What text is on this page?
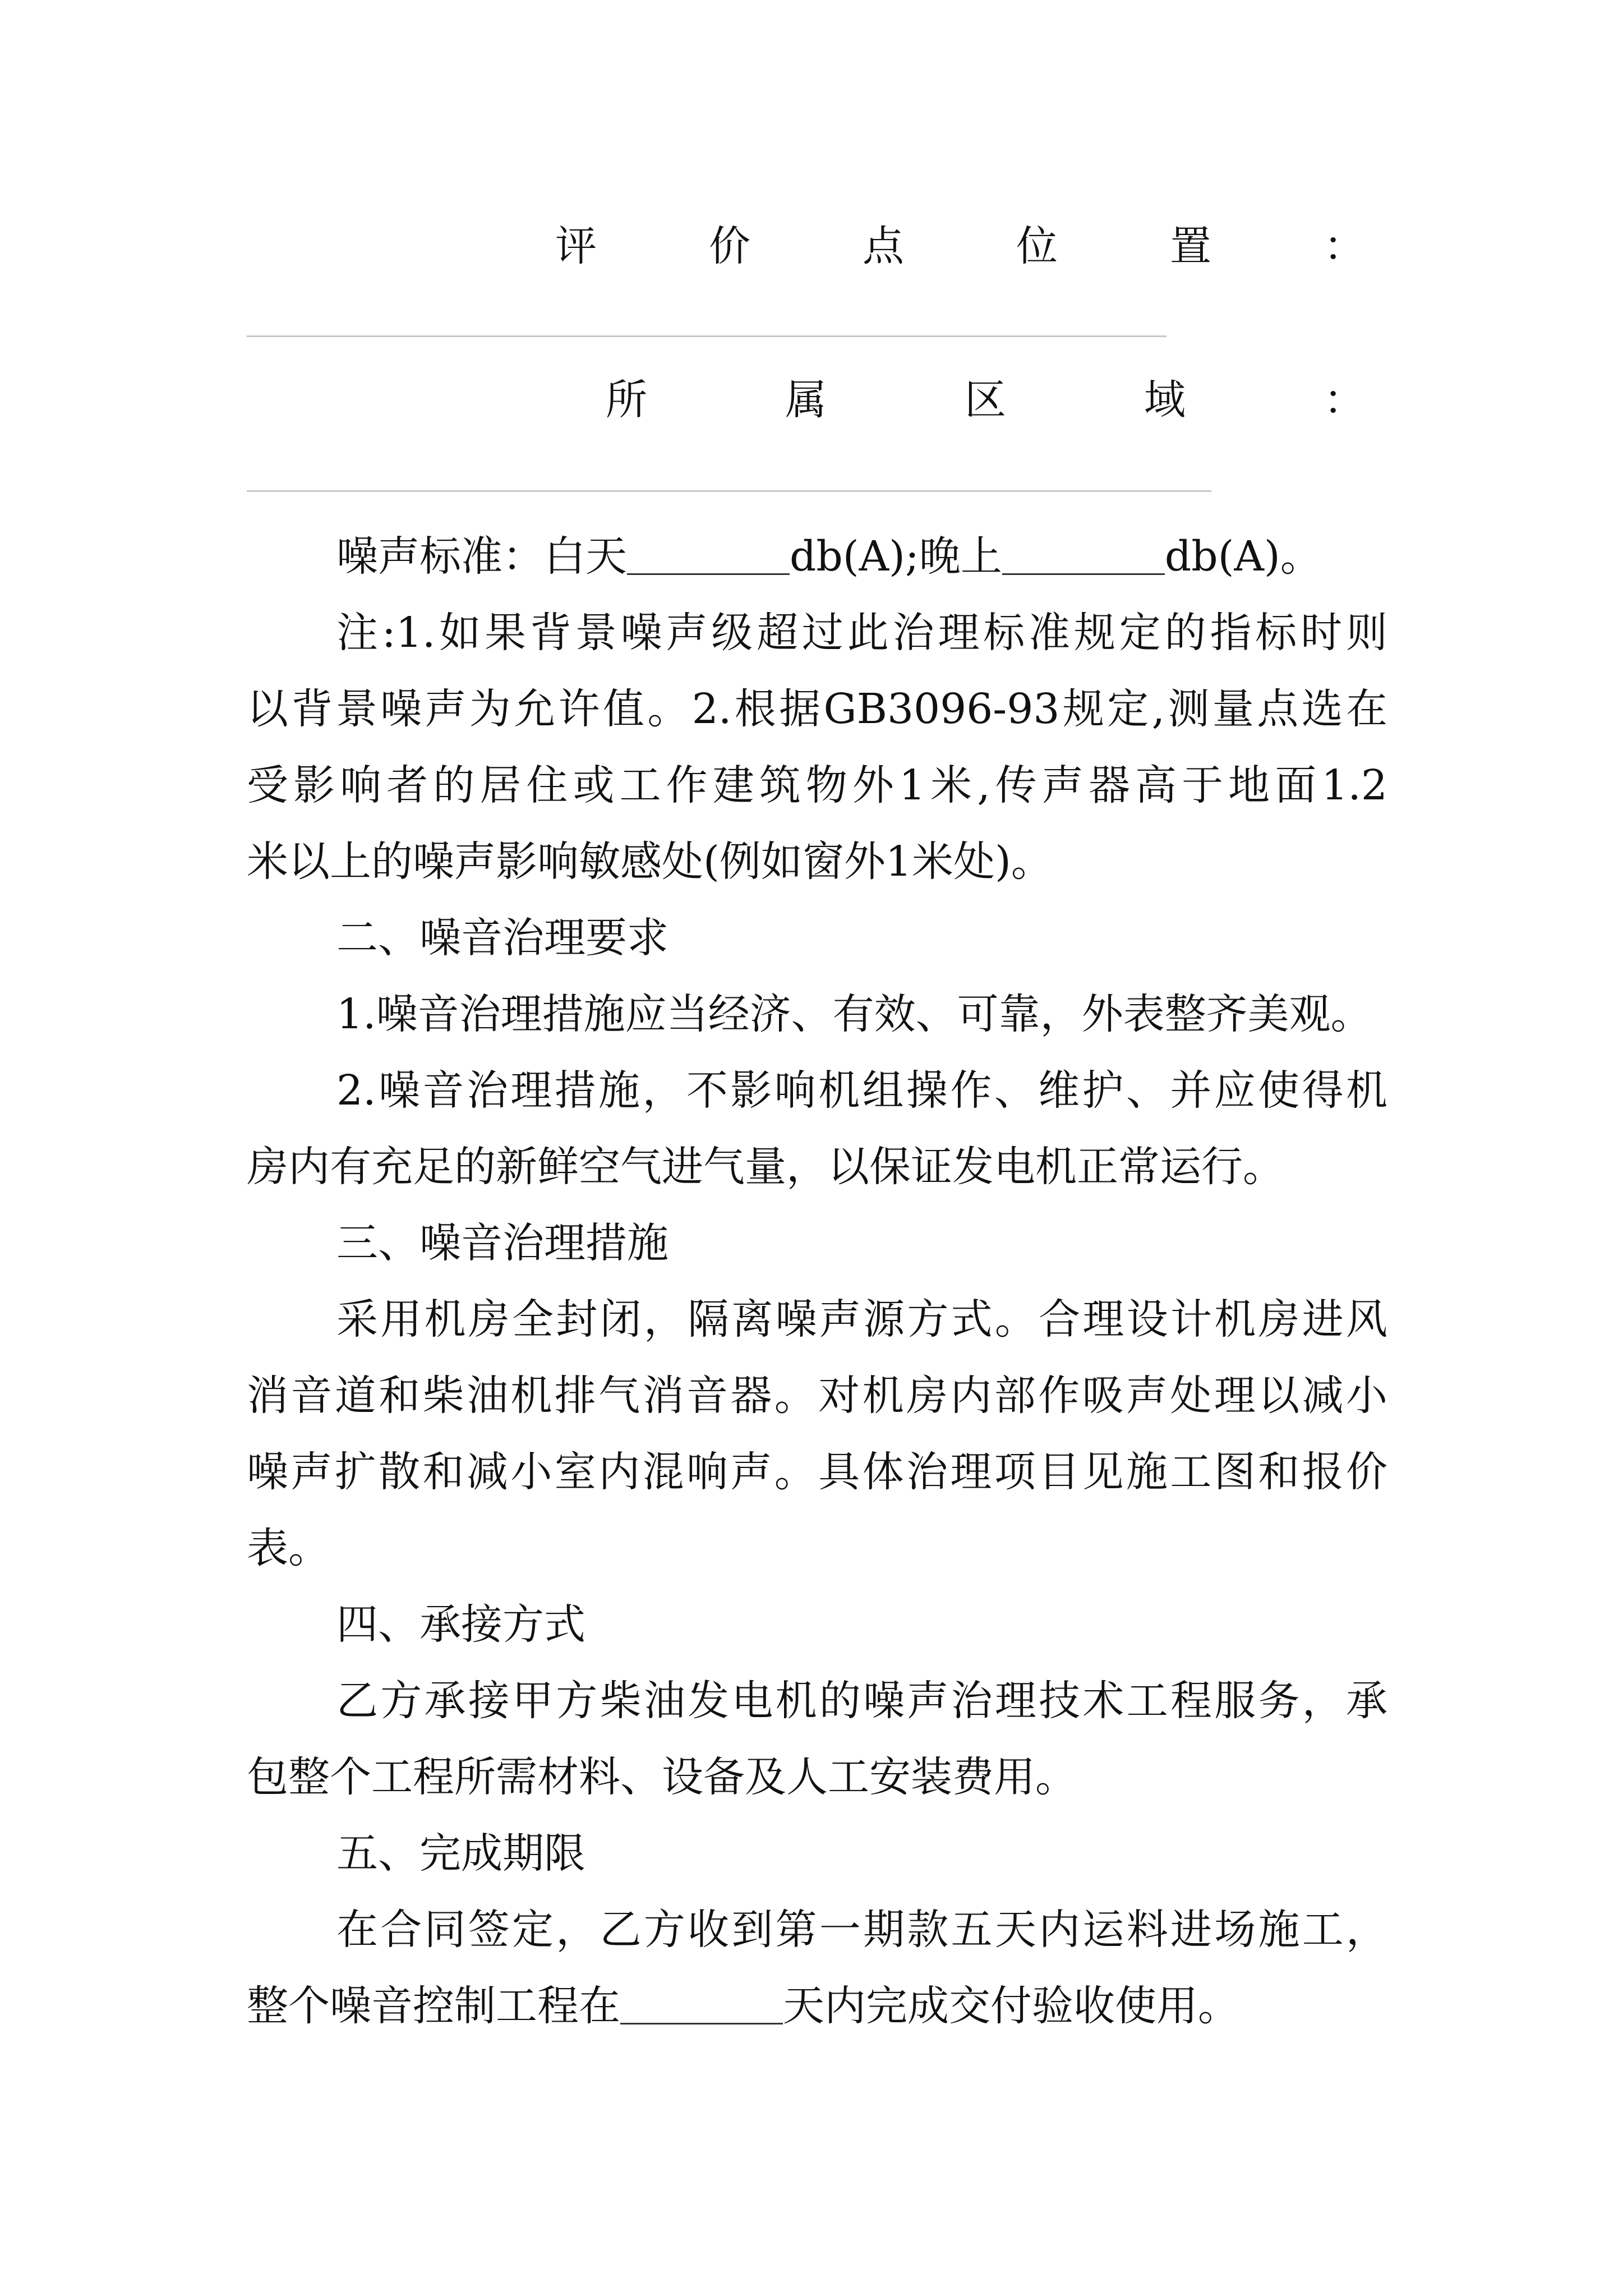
评	价	点	位	置	：
所	属	区	域	：
噪声标准：白天	db(A);晚上	db(A)。
注:1.如果背景噪声级超过此治理标准规定的指标时则
以背景噪声为允许值。2.根据GB3096-93规定,测量点选在
受影响者的居住或工作建筑物外1米,传声器高于地面1.2
米以上的噪声影响敏感处(例如窗外1米处)。
二、噪音治理要求
1.噪音治理措施应当经济、有效、可靠，外表整齐美观。
2.噪音治理措施，不影响机组操作、维护、并应使得机
房内有充足的新鲜空气进气量，以保证发电机正常运行。
三、噪音治理措施
采用机房全封闭，隔离噪声源方式。合理设计机房进风
消音道和柴油机排气消音器。对机房内部作吸声处理以减小
噪声扩散和减小室内混响声。具体治理项目见施工图和报价
表。
四、承接方式
乙方承接甲方柴油发电机的噪声治理技术工程服务，承
包整个工程所需材料、设备及人工安装费用。
五、完成期限
在合同签定，乙方收到第一期款五天内运料进场施工，
整个噪音控制工程在	天内完成交付验收使用。
